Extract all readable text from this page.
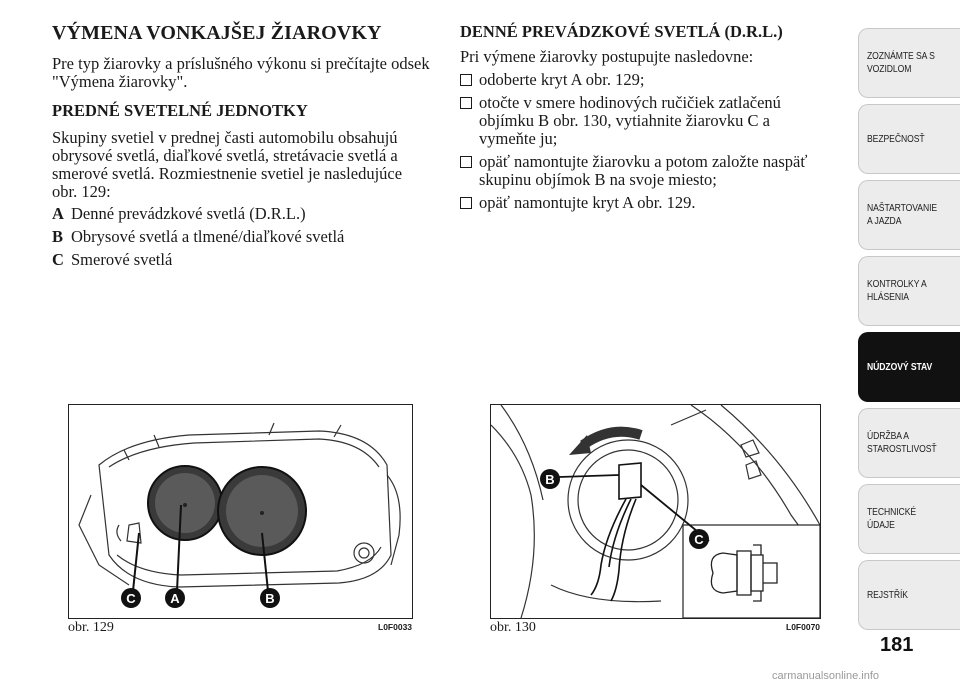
VÝMENA VONKAJŠEJ ŽIAROVKY

Pre typ žiarovky a príslušného výkonu si prečítajte odsek "Výmena žiarovky".

PREDNÉ SVETELNÉ JEDNOTKY

Skupiny svetiel v prednej časti automobilu obsahujú obrysové svetlá, diaľkové svetlá, stretávacie svetlá a smerové svetlá. Rozmiestnenie svetiel je nasledujúce obr. 129:

A Denné prevádzkové svetlá (D.R.L.)
B Obrysové svetlá a tlmené/diaľkové svetlá
C Smerové svetlá
DENNÉ PREVÁDZKOVÉ SVETLÁ (D.R.L.)

Pri výmene žiarovky postupujte nasledovne:

odoberte kryt A obr. 129;
otočte v smere hodinových ručičiek zatlačenú objímku B obr. 130, vytiahnite žiarovku C a vymeňte ju;
opäť namontujte žiarovku a potom založte naspäť skupinu objímok B na svoje miesto;
opäť namontujte kryt A obr. 129.
C	A	B
obr. 129	L0F0033
B
C
obr. 130	L0F0070
ZOZNÁMTE SA S
VOZIDLOM
BEZPEČNOSŤ
NAŠTARTOVANIE
A JAZDA
KONTROLKY A
HLÁSENIA
NÚDZOVÝ STAV
ÚDRŽBA A
STAROSTLIVOSŤ
TECHNICKÉ
ÚDAJE
REJSTŘÍK
181
carmanualsonline.info
